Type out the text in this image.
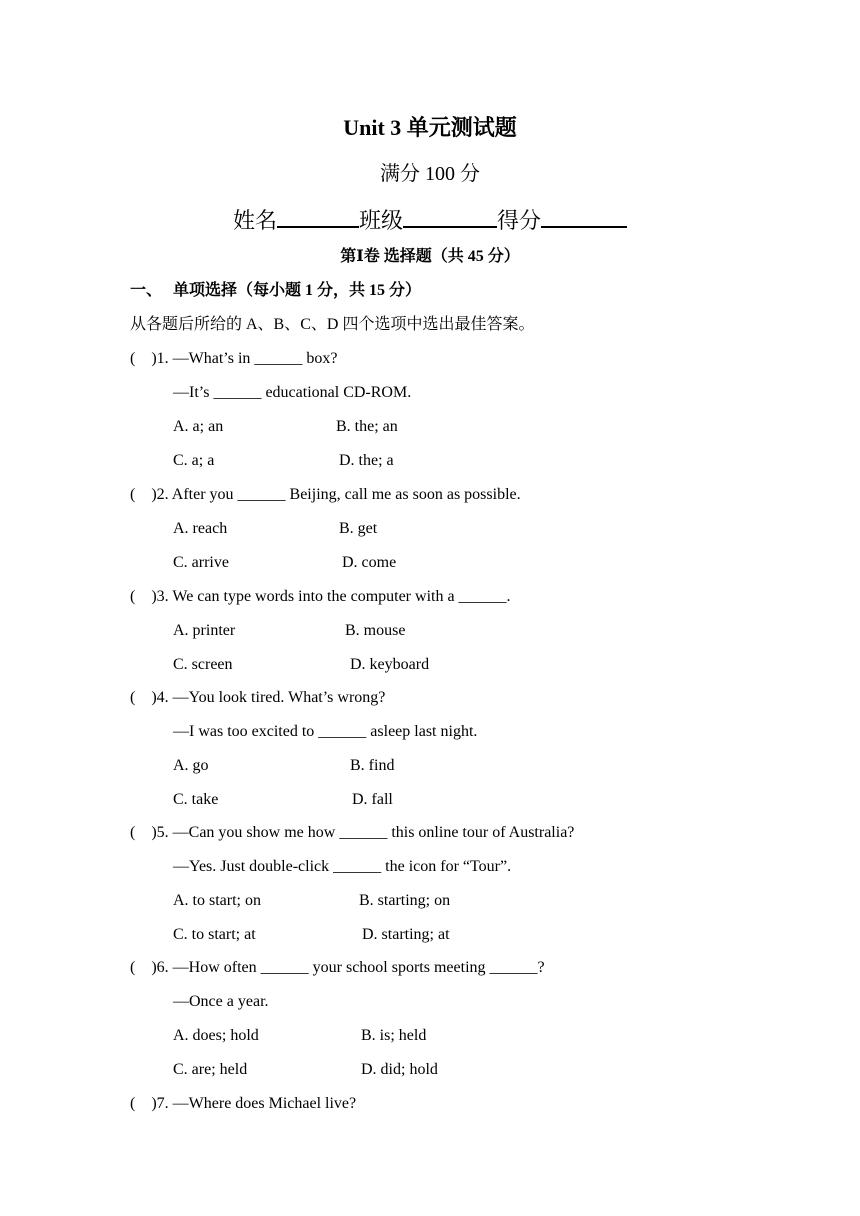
Unit 3 单元测试题
满分 100 分
姓名	班级	得分
第Ⅰ卷 选择题（共 45 分）
一、 单项选择（每小题 1 分，共 15 分）
从各题后所给的 A、B、C、D 四个选项中选出最佳答案。
(    )1. —What’s in ______ box?
—It’s ______ educational CD-ROM.
A. a; an	B. the; an
C. a; a	D. the; a
(    )2. After you ______ Beijing, call me as soon as possible.
A. reach	B. get
C. arrive	D. come
(    )3. We can type words into the computer with a ______.
A. printer	B. mouse
C. screen	D. keyboard
(    )4. —You look tired. What’s wrong?
—I was too excited to ______ asleep last night.
A. go	B. find
C. take	D. fall
(    )5. —Can you show me how ______ this online tour of Australia?
—Yes. Just double-click ______ the icon for “Tour”.
A. to start; on	B. starting; on
C. to start; at	D. starting; at
(    )6. —How often ______ your school sports meeting ______?
—Once a year.
A. does; hold	B. is; held
C. are; held	D. did; hold
(    )7. —Where does Michael live?
